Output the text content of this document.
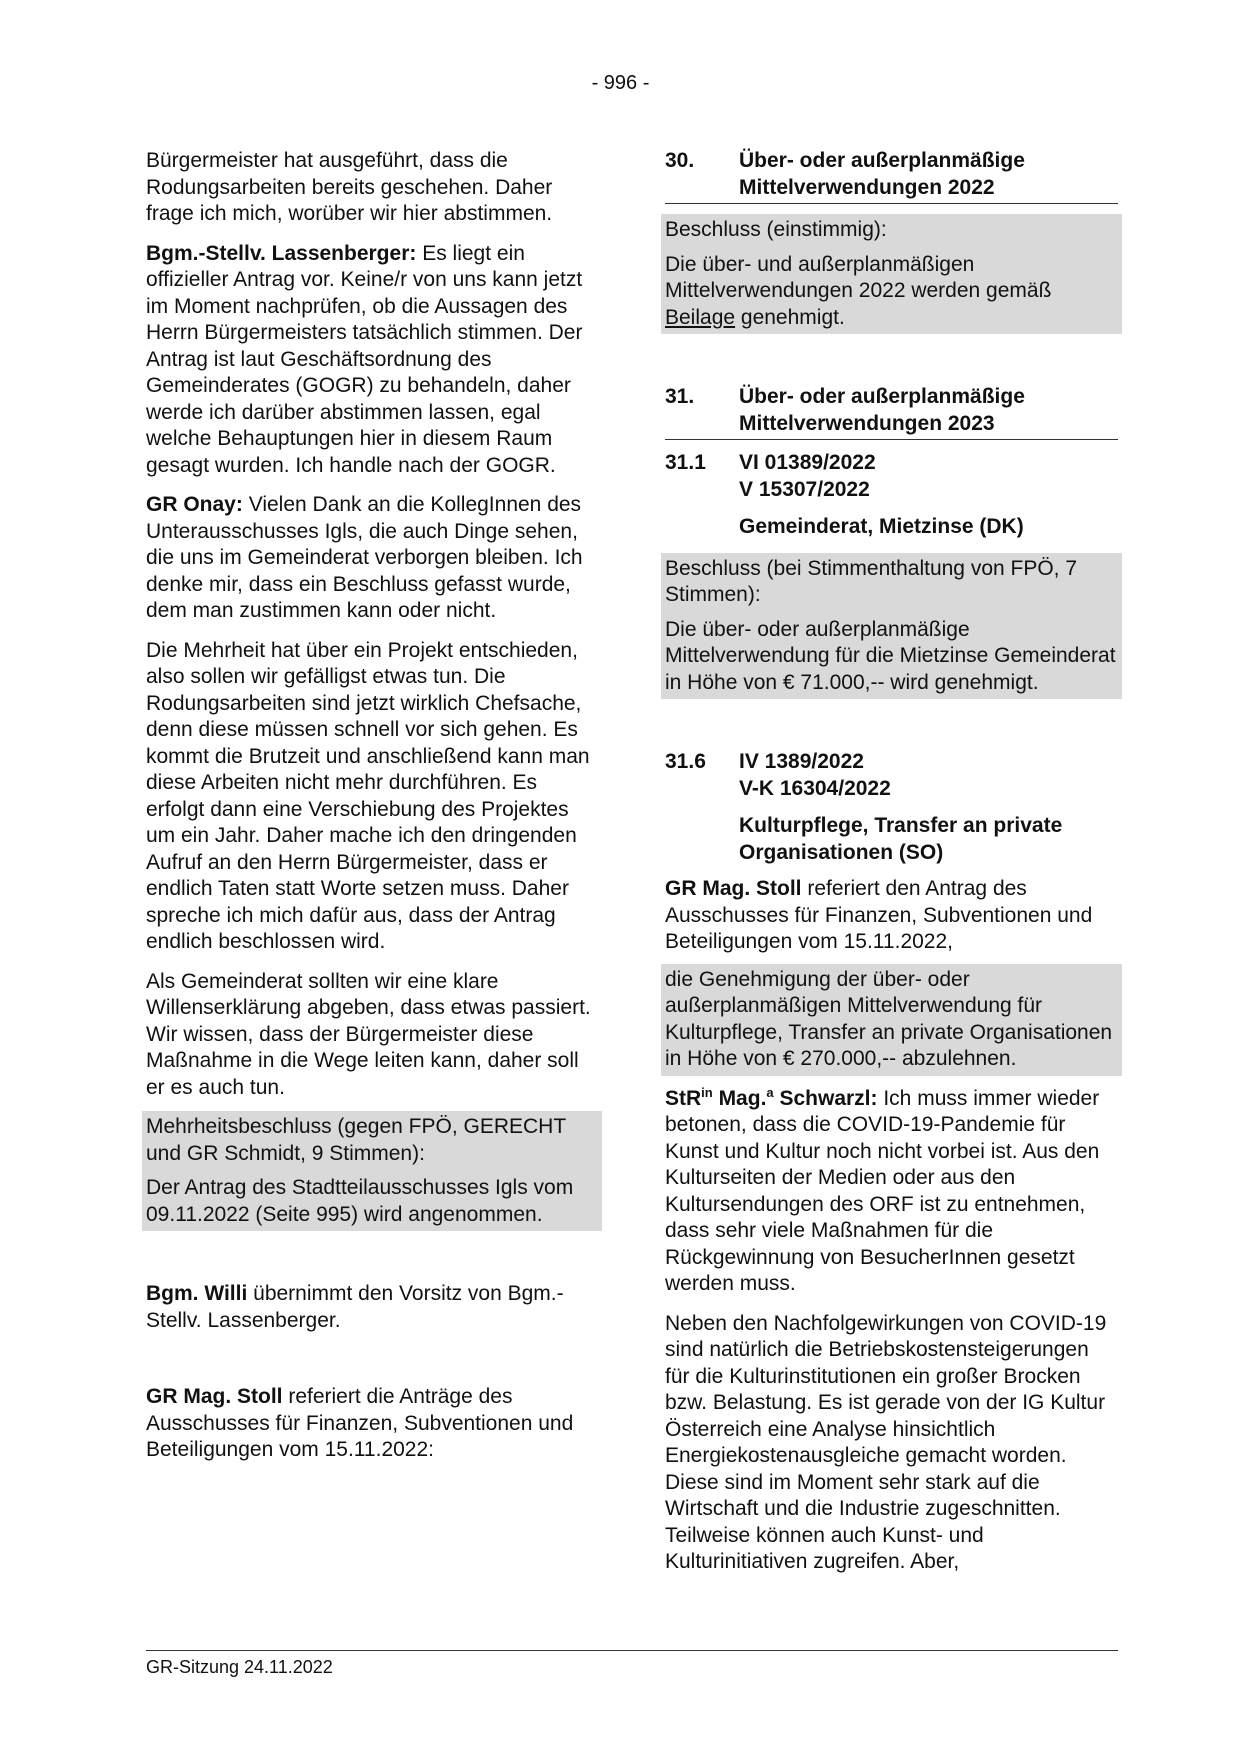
- 996 -

Bürgermeister hat ausgeführt, dass die Rodungsarbeiten bereits geschehen. Daher frage ich mich, worüber wir hier abstimmen.

Bgm.-Stellv. Lassenberger: Es liegt ein offizieller Antrag vor. Keine/r von uns kann jetzt im Moment nachprüfen, ob die Aussagen des Herrn Bürgermeisters tatsächlich stimmen. Der Antrag ist laut Geschäftsordnung des Gemeinderates (GOGR) zu behandeln, daher werde ich darüber abstimmen lassen, egal welche Behauptungen hier in diesem Raum gesagt wurden. Ich handle nach der GOGR.

GR Onay: Vielen Dank an die KollegInnen des Unterausschusses Igls, die auch Dinge sehen, die uns im Gemeinderat verborgen bleiben. Ich denke mir, dass ein Beschluss gefasst wurde, dem man zustimmen kann oder nicht.

Die Mehrheit hat über ein Projekt entschieden, also sollen wir gefälligst etwas tun. Die Rodungsarbeiten sind jetzt wirklich Chefsache, denn diese müssen schnell vor sich gehen. Es kommt die Brutzeit und anschließend kann man diese Arbeiten nicht mehr durchführen. Es erfolgt dann eine Verschiebung des Projektes um ein Jahr. Daher mache ich den dringenden Aufruf an den Herrn Bürgermeister, dass er endlich Taten statt Worte setzen muss. Daher spreche ich mich dafür aus, dass der Antrag endlich beschlossen wird.

Als Gemeinderat sollten wir eine klare Willenserklärung abgeben, dass etwas passiert. Wir wissen, dass der Bürgermeister diese Maßnahme in die Wege leiten kann, daher soll er es auch tun.

Mehrheitsbeschluss (gegen FPÖ, GERECHT und GR Schmidt, 9 Stimmen):

Der Antrag des Stadtteilausschusses Igls vom 09.11.2022 (Seite 995) wird angenommen.

Bgm. Willi übernimmt den Vorsitz von Bgm.-Stellv. Lassenberger.

GR Mag. Stoll referiert die Anträge des Ausschusses für Finanzen, Subventionen und Beteiligungen vom 15.11.2022:

30.	Über- oder außerplanmäßige Mittelverwendungen 2022

Beschluss (einstimmig):

Die über- und außerplanmäßigen Mittelverwendungen 2022 werden gemäß Beilage genehmigt.

31.	Über- oder außerplanmäßige Mittelverwendungen 2023
31.1	VI 01389/2022
V 15307/2022
Gemeinderat, Mietzinse (DK)

Beschluss (bei Stimmenthaltung von FPÖ, 7 Stimmen):

Die über- oder außerplanmäßige Mittelverwendung für die Mietzinse Gemeinderat in Höhe von € 71.000,-- wird genehmigt.

31.6	IV 1389/2022
V-K 16304/2022
Kulturpflege, Transfer an private Organisationen (SO)

GR Mag. Stoll referiert den Antrag des Ausschusses für Finanzen, Subventionen und Beteiligungen vom 15.11.2022,

die Genehmigung der über- oder außerplanmäßigen Mittelverwendung für Kulturpflege, Transfer an private Organisationen in Höhe von € 270.000,-- abzulehnen.

StR$^{in}$ Mag.$^a$ Schwarzl: Ich muss immer wieder betonen, dass die COVID-19-Pandemie für Kunst und Kultur noch nicht vorbei ist. Aus den Kulturseiten der Medien oder aus den Kultursendungen des ORF ist zu entnehmen, dass sehr viele Maßnahmen für die Rückgewinnung von BesucherInnen gesetzt werden muss.

Neben den Nachfolgewirkungen von COVID-19 sind natürlich die Betriebskostensteigerungen für die Kulturinstitutionen ein großer Brocken bzw. Belastung. Es ist gerade von der IG Kultur Österreich eine Analyse hinsichtlich Energiekostenausgleiche gemacht worden. Diese sind im Moment sehr stark auf die Wirtschaft und die Industrie zugeschnitten. Teilweise können auch Kunst- und Kulturinitiativen zugreifen. Aber,

GR-Sitzung 24.11.2022
